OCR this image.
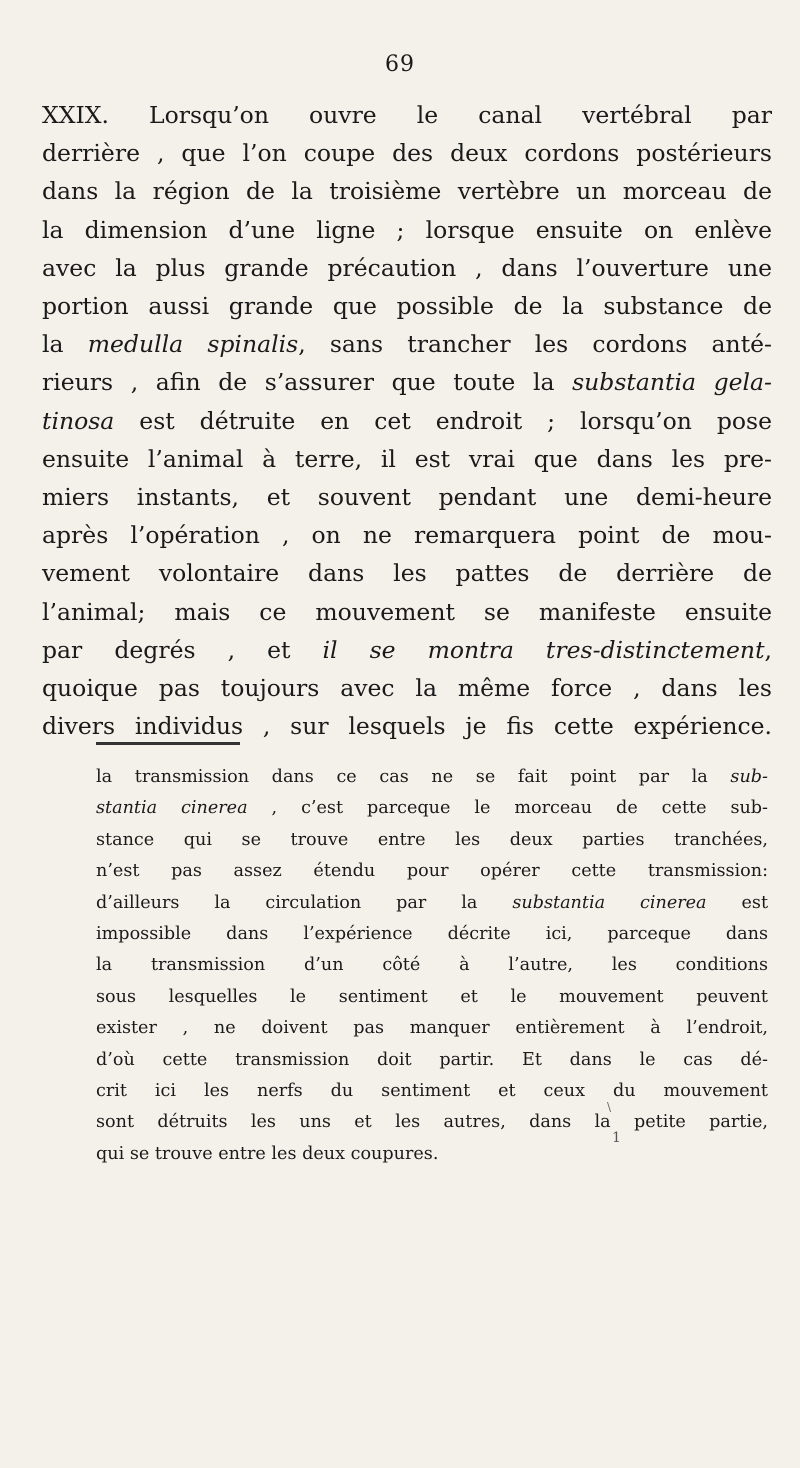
69
XXIX. Lorsqu’on ouvre le canal vertébral par
derrière , que l’on coupe des deux cordons postérieurs
dans la région de la troisième vertèbre un morceau de
la dimension d’une ligne ; lorsque ensuite on enlève
avec la plus grande précaution , dans l’ouverture une
portion aussi grande que possible de la substance de
la medulla spinalis, sans trancher les cordons anté-
rieurs , afin de s’assurer que toute la substantia gela-
tinosa est détruite en cet endroit ; lorsqu’on pose
ensuite l’animal à terre, il est vrai que dans les pre-
miers instants, et souvent pendant une demi-heure
après l’opération , on ne remarquera point de mou-
vement volontaire dans les pattes de derrière de
l’animal; mais ce mouvement se manifeste ensuite
par degrés , et il se montra tres-distinctement,
quoique pas toujours avec la même force , dans les
divers individus , sur lesquels je fis cette expérience.
la transmission dans ce cas ne se fait point par la sub-
stantia cinerea , c’est parceque le morceau de cette sub-
stance qui se trouve entre les deux parties tranchées,
n’est pas assez étendu pour opérer cette transmission:
d’ailleurs la circulation par la substantia cinerea est
impossible dans l’expérience décrite ici, parceque dans
la transmission d’un côté à l’autre, les conditions
sous lesquelles le sentiment et le mouvement peuvent
exister , ne doivent pas manquer entièrement à l’endroit,
d’où cette transmission doit partir. Et dans le cas dé-
crit ici les nerfs du sentiment et ceux du mouvement
sont détruits les uns et les autres, dans la petite partie,
qui se trouve entre les deux coupures.
\
1
